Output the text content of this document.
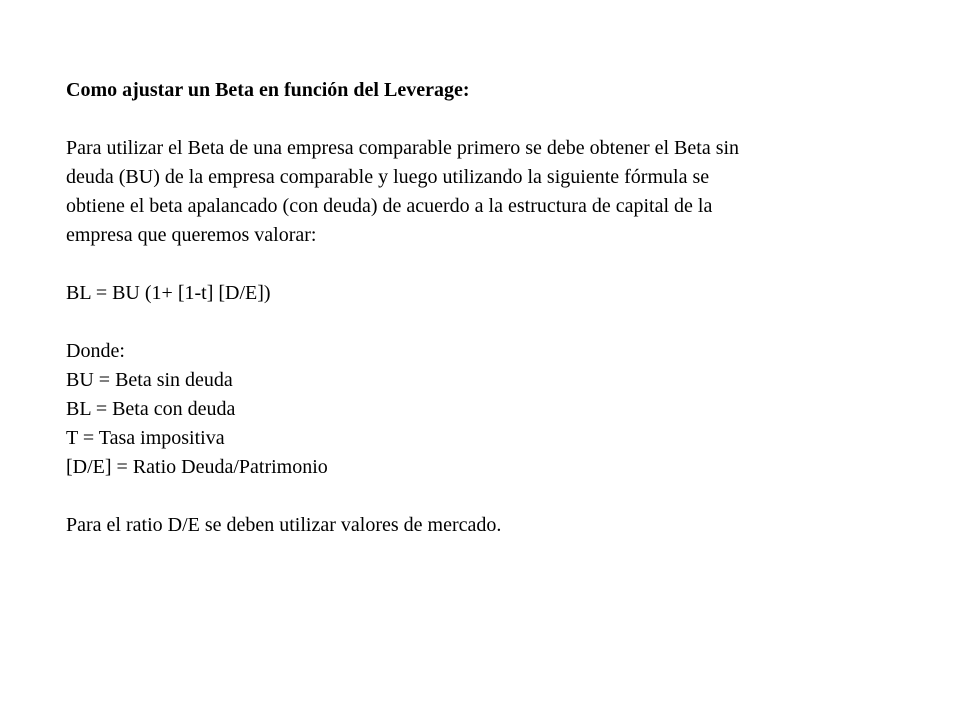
Como ajustar un Beta en función del Leverage:

Para utilizar el Beta de una empresa comparable primero se debe obtener el Beta sin

deuda (BU) de la empresa comparable y luego utilizando la siguiente fórmula se

obtiene el beta apalancado (con deuda) de acuerdo a la estructura de capital de la

empresa que queremos valorar:

BL = BU (1+ [1-t] [D/E])

Donde:

BU = Beta sin deuda

BL = Beta con deuda

T = Tasa impositiva

[D/E] = Ratio Deuda/Patrimonio

Para el ratio D/E se deben utilizar valores de mercado.
